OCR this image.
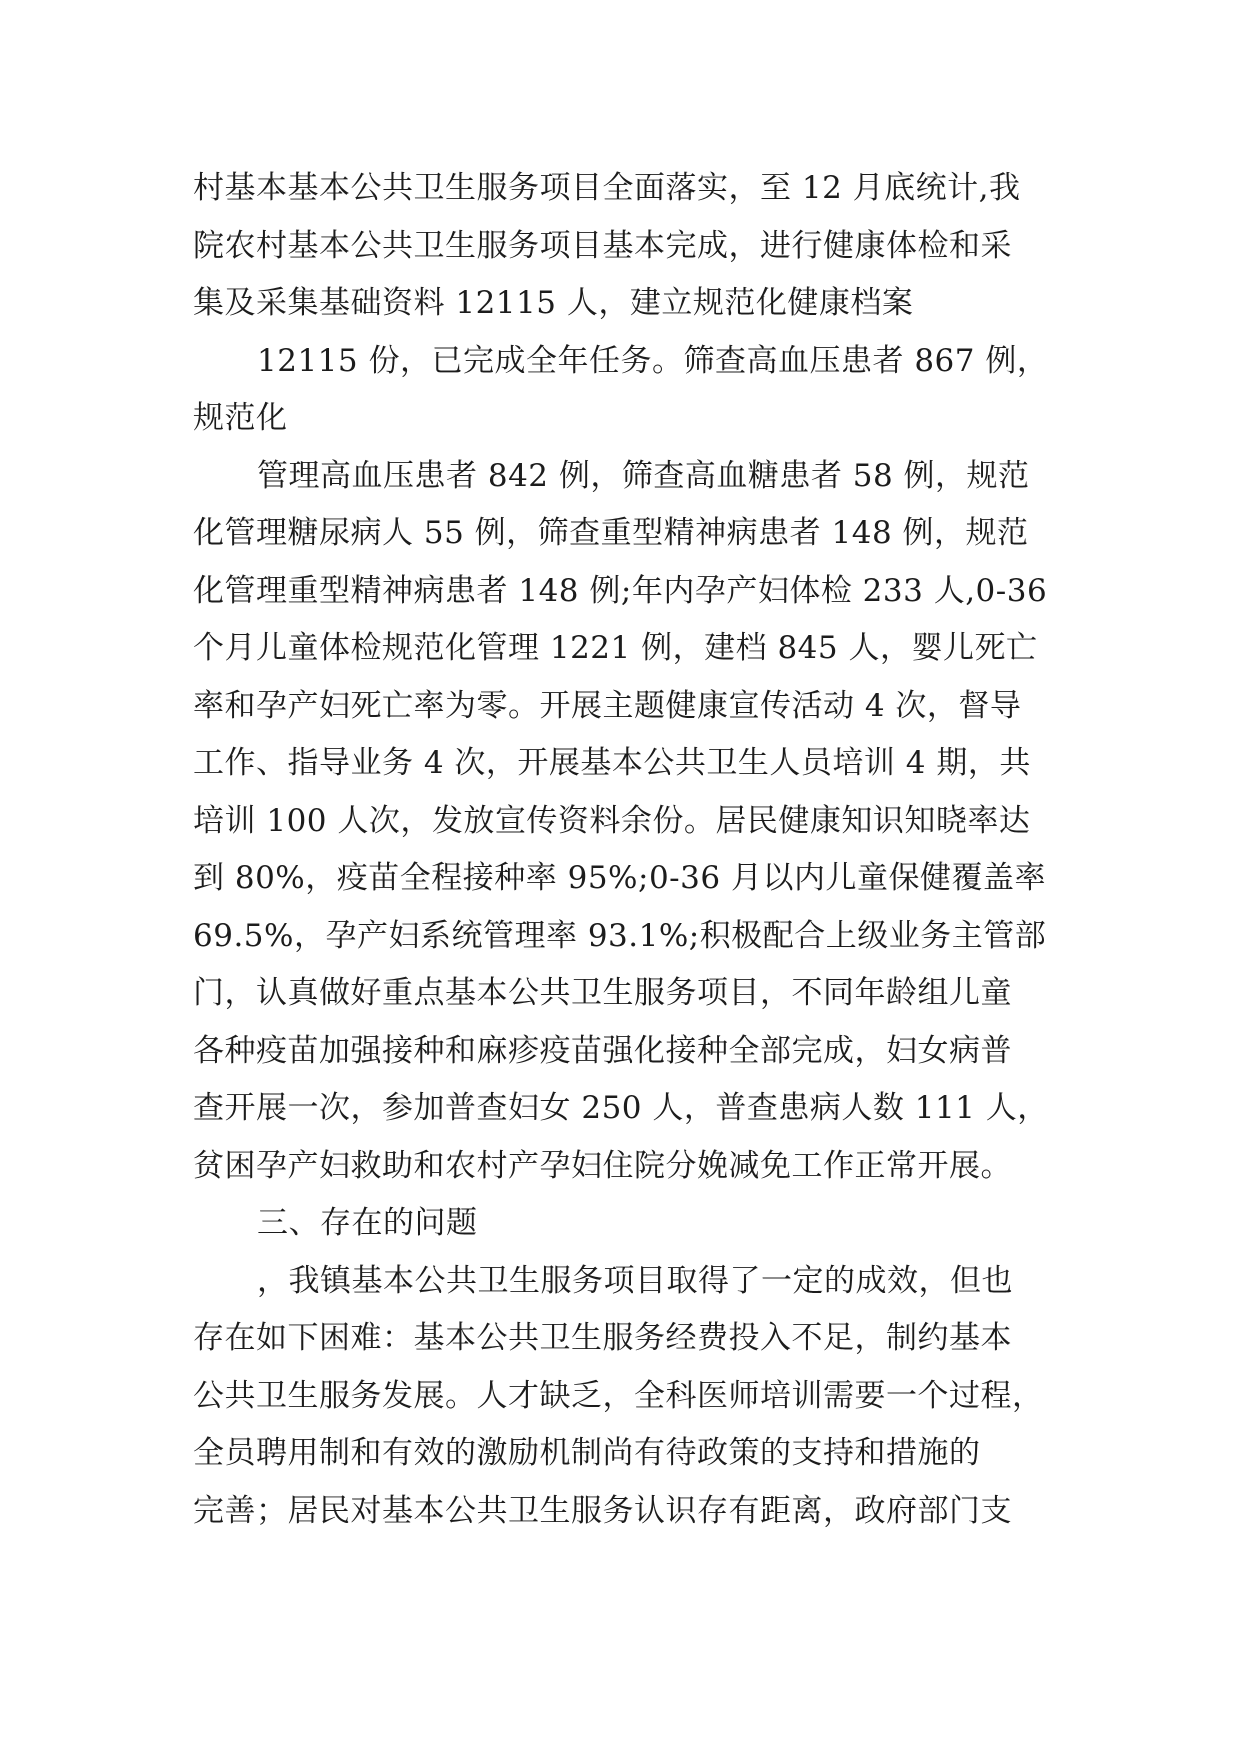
村基本基本公共卫生服务项目全面落实，至 12 月底统计,我
院农村基本公共卫生服务项目基本完成，进行健康体检和采
集及采集基础资料 12115 人，建立规范化健康档案
12115 份，已完成全年任务。筛查高血压患者 867 例，
规范化
管理高血压患者 842 例，筛查高血糖患者 58 例，规范
化管理糖尿病人 55 例，筛查重型精神病患者 148 例，规范
化管理重型精神病患者 148 例;年内孕产妇体检 233 人,0-36
个月儿童体检规范化管理 1221 例，建档 845 人，婴儿死亡
率和孕产妇死亡率为零。开展主题健康宣传活动 4 次，督导
工作、指导业务 4 次，开展基本公共卫生人员培训 4 期，共
培训 100 人次，发放宣传资料余份。居民健康知识知晓率达
到 80%，疫苗全程接种率 95%;0-36 月以内儿童保健覆盖率
69.5%，孕产妇系统管理率 93.1%;积极配合上级业务主管部
门，认真做好重点基本公共卫生服务项目，不同年龄组儿童
各种疫苗加强接种和麻疹疫苗强化接种全部完成，妇女病普
查开展一次，参加普查妇女 250 人，普查患病人数 111 人，
贫困孕产妇救助和农村产孕妇住院分娩减免工作正常开展。
三、存在的问题
，我镇基本公共卫生服务项目取得了一定的成效，但也
存在如下困难：基本公共卫生服务经费投入不足，制约基本
公共卫生服务发展。人才缺乏，全科医师培训需要一个过程，
全员聘用制和有效的激励机制尚有待政策的支持和措施的
完善；居民对基本公共卫生服务认识存有距离，政府部门支
